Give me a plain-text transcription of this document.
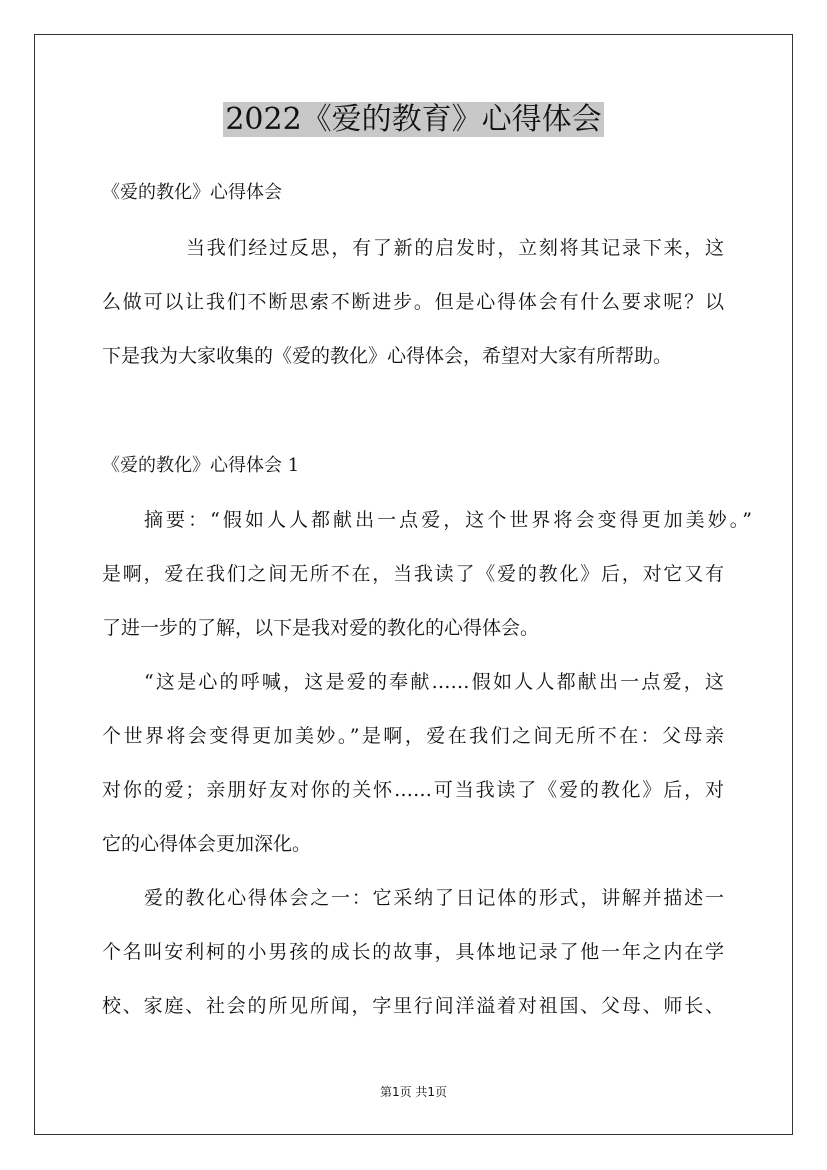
2022《爱的教育》心得体会
《爱的教化》心得体会
当我们经过反思，有了新的启发时，立刻将其记录下来，这
么做可以让我们不断思索不断进步。但是心得体会有什么要求呢？以
下是我为大家收集的《爱的教化》心得体会，希望对大家有所帮助。
《爱的教化》心得体会 1
摘要：“假如人人都献出一点爱，这个世界将会变得更加美妙。”
是啊，爱在我们之间无所不在，当我读了《爱的教化》后，对它又有
了进一步的了解，以下是我对爱的教化的心得体会。
“这是心的呼喊，这是爱的奉献……假如人人都献出一点爱，这
个世界将会变得更加美妙。”是啊，爱在我们之间无所不在：父母亲
对你的爱；亲朋好友对你的关怀……可当我读了《爱的教化》后，对
它的心得体会更加深化。
爱的教化心得体会之一：它采纳了日记体的形式，讲解并描述一
个名叫安利柯的小男孩的成长的故事，具体地记录了他一年之内在学
校、家庭、社会的所见所闻，字里行间洋溢着对祖国、父母、师长、
第1页 共1页
